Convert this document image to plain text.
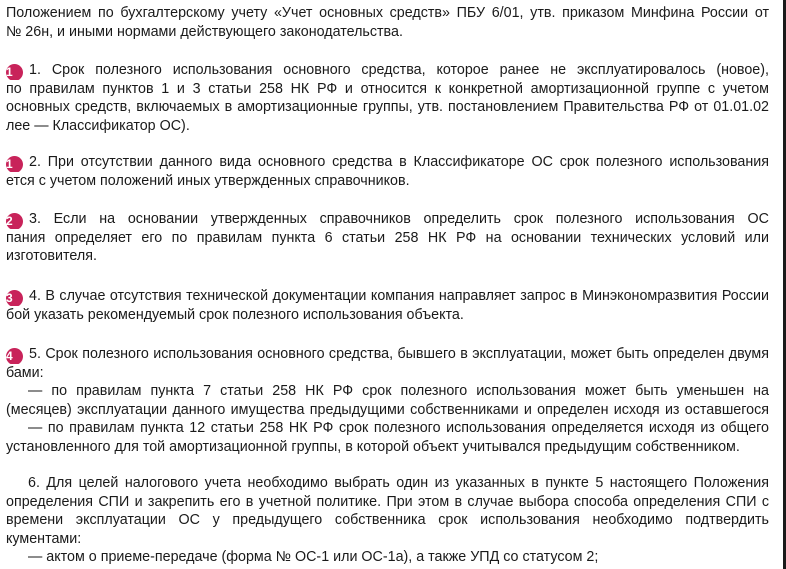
Положением по бухгалтерскому учету «Учет основных средств» ПБУ 6/01, утв. приказом Минфина России от
№ 26н, и иными нормами действующего законодательства.
1 1. Срок полезного использования основного средства, которое ранее не эксплуатировалось (новое),
по правилам пунктов 1 и 3 статьи 258 НК РФ и относится к конкретной амортизационной группе с учетом
основных средств, включаемых в амортизационные группы, утв. постановлением Правительства РФ от 01.01.02
лее — Классификатор ОС).
1 2. При отсутствии данного вида основного средства в Классификаторе ОС срок полезного использования
ется с учетом положений иных утвержденных справочников.
2 3. Если на основании утвержденных справочников определить срок полезного использования ОС
пания определяет его по правилам пункта 6 статьи 258 НК РФ на основании технических условий или
изготовителя.
3 4. В случае отсутствия технической документации компания направляет запрос в Минэкономразвития России
бой указать рекомендуемый срок полезного использования объекта.
4 5. Срок полезного использования основного средства, бывшего в эксплуатации, может быть определен двумя
бами:
— по правилам пункта 7 статьи 258 НК РФ срок полезного использования может быть уменьшен на
(месяцев) эксплуатации данного имущества предыдущими собственниками и определен исходя из оставшегося
— по правилам пункта 12 статьи 258 НК РФ срок полезного использования определяется исходя из общего
установленного для той амортизационной группы, в которой объект учитывался предыдущим собственником.
6. Для целей налогового учета необходимо выбрать один из указанных в пункте 5 настоящего Положения
определения СПИ и закрепить его в учетной политике. При этом в случае выбора способа определения СПИ с
времени эксплуатации ОС у предыдущего собственника срок использования необходимо подтвердить
кументами:
— актом о приеме-передаче (форма № ОС-1 или ОС-1а), а также УПД со статусом 2;
